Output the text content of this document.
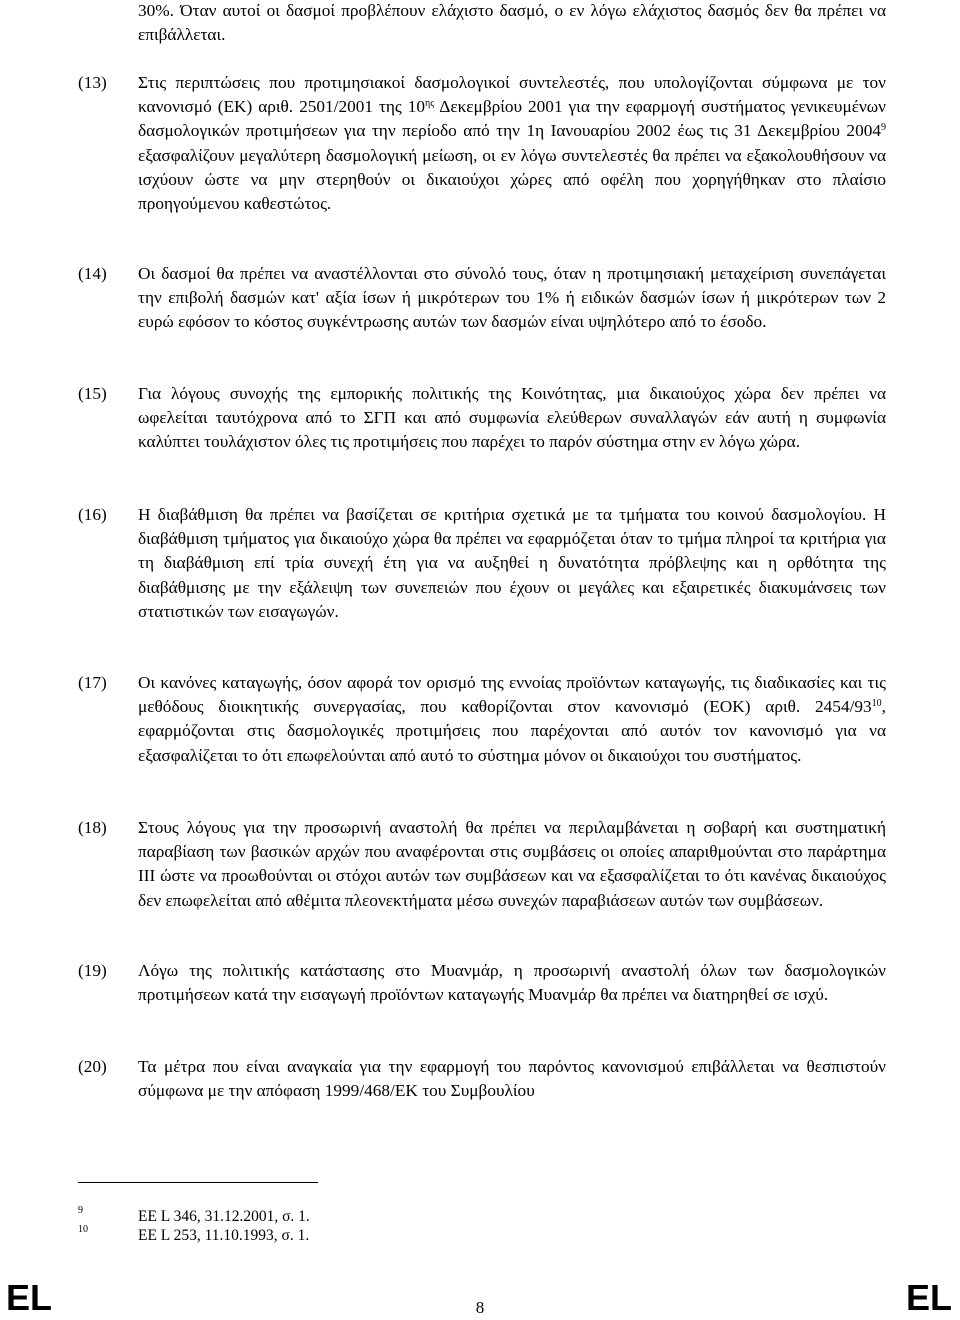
30%. Όταν αυτοί οι δασμοί προβλέπουν ελάχιστο δασμό, ο εν λόγω ελάχιστος δασμός δεν θα πρέπει να επιβάλλεται.
(13)	Στις περιπτώσεις που προτιμησιακοί δασμολογικοί συντελεστές, που υπολογίζονται σύμφωνα με τον κανονισμό (ΕΚ) αριθ. 2501/2001 της $10^{\eta\varsigma}$ Δεκεμβρίου 2001 για την εφαρμογή συστήματος γενικευμένων δασμολογικών προτιμήσεων για την περίοδο από την 1η Ιανουαρίου 2002 έως τις 31 Δεκεμβρίου 2004$^9$ εξασφαλίζουν μεγαλύτερη δασμολογική μείωση, οι εν λόγω συντελεστές θα πρέπει να εξακολουθήσουν να ισχύουν ώστε να μην στερηθούν οι δικαιούχοι χώρες από οφέλη που χορηγήθηκαν στο πλαίσιο προηγούμενου καθεστώτος.
(14)	Οι δασμοί θα πρέπει να αναστέλλονται στο σύνολό τους, όταν η προτιμησιακή μεταχείριση συνεπάγεται την επιβολή δασμών κατ' αξία ίσων ή μικρότερων του 1% ή ειδικών δασμών ίσων ή μικρότερων των 2 ευρώ εφόσον το κόστος συγκέντρωσης αυτών των δασμών είναι υψηλότερο από το έσοδο.
(15)	Για λόγους συνοχής της εμπορικής πολιτικής της Κοινότητας, μια δικαιούχος χώρα δεν πρέπει να ωφελείται ταυτόχρονα από το ΣΓΠ και από συμφωνία ελεύθερων συναλλαγών εάν αυτή η συμφωνία καλύπτει τουλάχιστον όλες τις προτιμήσεις που παρέχει το παρόν σύστημα στην εν λόγω χώρα.
(16)	Η διαβάθμιση θα πρέπει να βασίζεται σε κριτήρια σχετικά με τα τμήματα του κοινού δασμολογίου. Η διαβάθμιση τμήματος για δικαιούχο χώρα θα πρέπει να εφαρμόζεται όταν το τμήμα πληροί τα κριτήρια για τη διαβάθμιση επί τρία συνεχή έτη για να αυξηθεί η δυνατότητα πρόβλεψης και η ορθότητα της διαβάθμισης με την εξάλειψη των συνεπειών που έχουν οι μεγάλες και εξαιρετικές διακυμάνσεις των στατιστικών των εισαγωγών.
(17)	Οι κανόνες καταγωγής, όσον αφορά τον ορισμό της εννοίας προϊόντων καταγωγής, τις διαδικασίες και τις μεθόδους διοικητικής συνεργασίας, που καθορίζονται στον κανονισμό (ΕΟΚ) αριθ. $2454/93^{10}$, εφαρμόζονται στις δασμολογικές προτιμήσεις που παρέχονται από αυτόν τον κανονισμό για να εξασφαλίζεται το ότι επωφελούνται από αυτό το σύστημα μόνον οι δικαιούχοι του συστήματος.
(18)	Στους λόγους για την προσωρινή αναστολή θα πρέπει να περιλαμβάνεται η σοβαρή και συστηματική παραβίαση των βασικών αρχών που αναφέρονται στις συμβάσεις οι οποίες απαριθμούνται στο παράρτημα ΙΙΙ ώστε να προωθούνται οι στόχοι αυτών των συμβάσεων και να εξασφαλίζεται το ότι κανένας δικαιούχος δεν επωφελείται από αθέμιτα πλεονεκτήματα μέσω συνεχών παραβιάσεων αυτών των συμβάσεων.
(19)	Λόγω της πολιτικής κατάστασης στο Μυανμάρ, η προσωρινή αναστολή όλων των δασμολογικών προτιμήσεων κατά την εισαγωγή προϊόντων καταγωγής Μυανμάρ θα πρέπει να διατηρηθεί σε ισχύ.
(20)	Τα μέτρα που είναι αναγκαία για την εφαρμογή του παρόντος κανονισμού επιβάλλεται να θεσπιστούν σύμφωνα με την απόφαση 1999/468/ΕΚ του Συμβουλίου
9	ΕΕ L 346, 31.12.2001, σ. 1.
10	ΕΕ L 253, 11.10.1993, σ. 1.
EL	8	EL
